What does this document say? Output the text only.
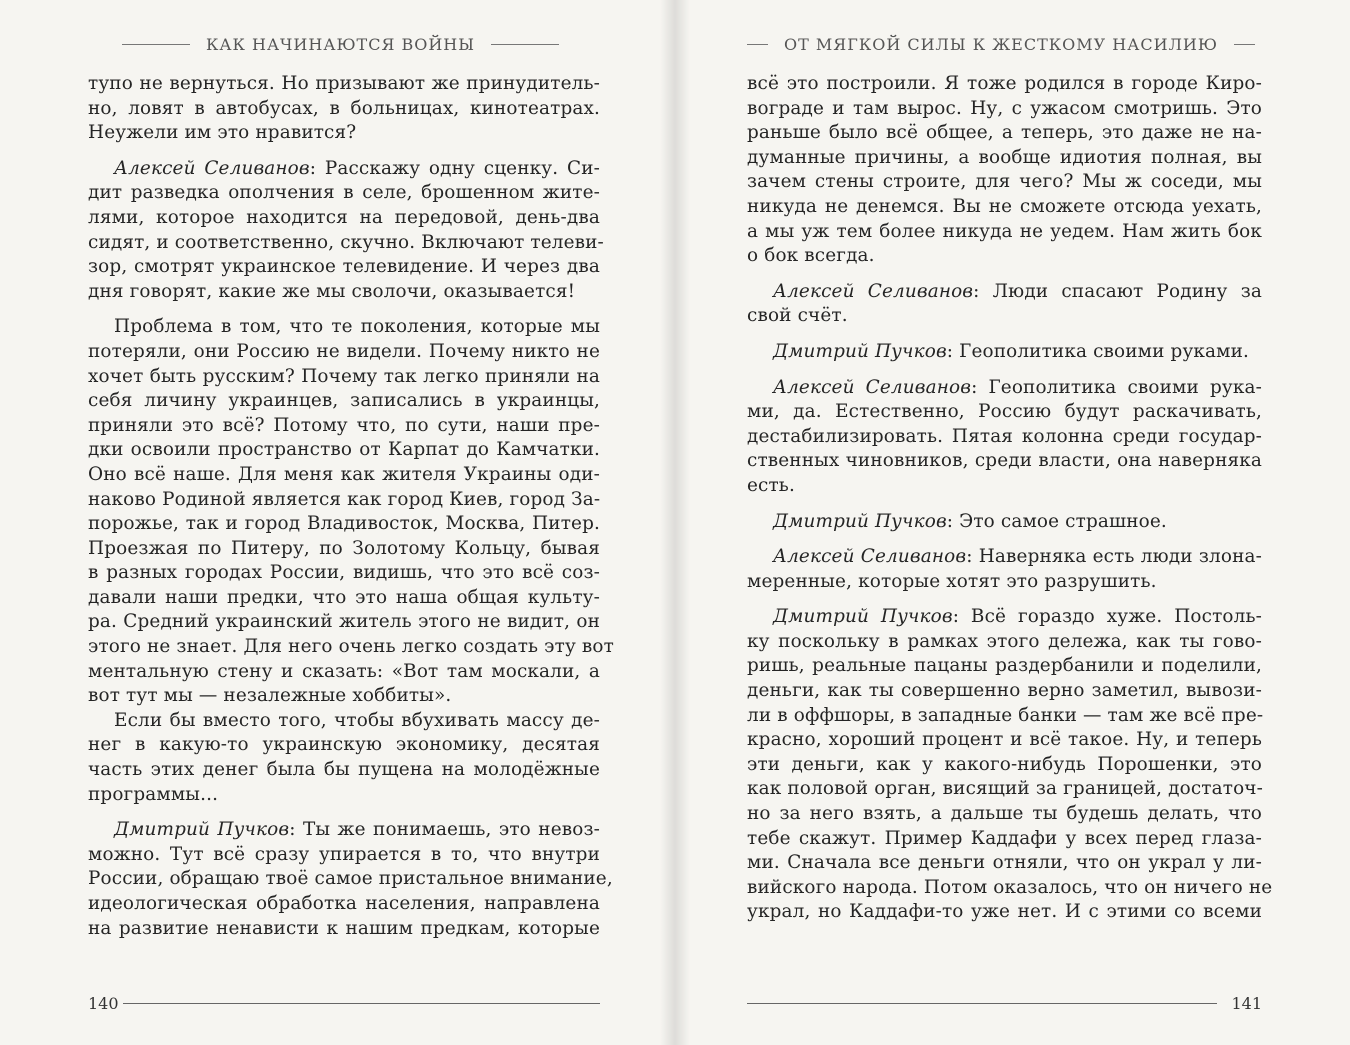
КАК НАЧИНАЮТСЯ ВОЙНЫ

тупо не вернуться. Но призывают же принудитель-
но, ловят в автобусах, в больницах, кинотеатрах.
Неужели им это нравится?

Алексей Селиванов: Расскажу одну сценку. Си-
дит разведка ополчения в селе, брошенном жите-
лями, которое находится на передовой, день-два
сидят, и соответственно, скучно. Включают телеви-
зор, смотрят украинское телевидение. И через два
дня говорят, какие же мы сволочи, оказывается!

Проблема в том, что те поколения, которые мы
потеряли, они Россию не видели. Почему никто не
хочет быть русским? Почему так легко приняли на
себя личину украинцев, записались в украинцы,
приняли это всё? Потому что, по сути, наши пре-
дки освоили пространство от Карпат до Камчатки.
Оно всё наше. Для меня как жителя Украины оди-
наково Родиной является как город Киев, город За-
порожье, так и город Владивосток, Москва, Питер.
Проезжая по Питеру, по Золотому Кольцу, бывая
в разных городах России, видишь, что это всё соз-
давали наши предки, что это наша общая культу-
ра. Средний украинский житель этого не видит, он
этого не знает. Для него очень легко создать эту вот
ментальную стену и сказать: «Вот там москали, а
вот тут мы — незалежные хоббиты».

Если бы вместо того, чтобы вбухивать массу де-
нег в какую-то украинскую экономику, десятая
часть этих денег была бы пущена на молодёжные
программы...

Дмитрий Пучков: Ты же понимаешь, это невоз-
можно. Тут всё сразу упирается в то, что внутри
России, обращаю твоё самое пристальное внимание,
идеологическая обработка населения, направлена
на развитие ненависти к нашим предкам, которые

140
ОТ МЯГКОЙ СИЛЫ К ЖЕСТКОМУ НАСИЛИЮ

всё это построили. Я тоже родился в городе Киро-
вограде и там вырос. Ну, с ужасом смотришь. Это
раньше было всё общее, а теперь, это даже не на-
думанные причины, а вообще идиотия полная, вы
зачем стены строите, для чего? Мы ж соседи, мы
никуда не денемся. Вы не сможете отсюда уехать,
а мы уж тем более никуда не уедем. Нам жить бок
о бок всегда.

Алексей Селиванов: Люди спасают Родину за
свой счёт.

Дмитрий Пучков: Геополитика своими руками.

Алексей Селиванов: Геополитика своими рука-
ми, да. Естественно, Россию будут раскачивать,
дестабилизировать. Пятая колонна среди государ-
ственных чиновников, среди власти, она наверняка
есть.

Дмитрий Пучков: Это самое страшное.

Алексей Селиванов: Наверняка есть люди злона-
меренные, которые хотят это разрушить.

Дмитрий Пучков: Всё гораздо хуже. Постоль-
ку поскольку в рамках этого дележа, как ты гово-
ришь, реальные пацаны раздербанили и поделили,
деньги, как ты совершенно верно заметил, вывози-
ли в оффшоры, в западные банки — там же всё пре-
красно, хороший процент и всё такое. Ну, и теперь
эти деньги, как у какого-нибудь Порошенки, это
как половой орган, висящий за границей, достаточ-
но за него взять, а дальше ты будешь делать, что
тебе скажут. Пример Каддафи у всех перед глаза-
ми. Сначала все деньги отняли, что он украл у ли-
вийского народа. Потом оказалось, что он ничего не
украл, но Каддафи-то уже нет. И с этими со всеми

141
